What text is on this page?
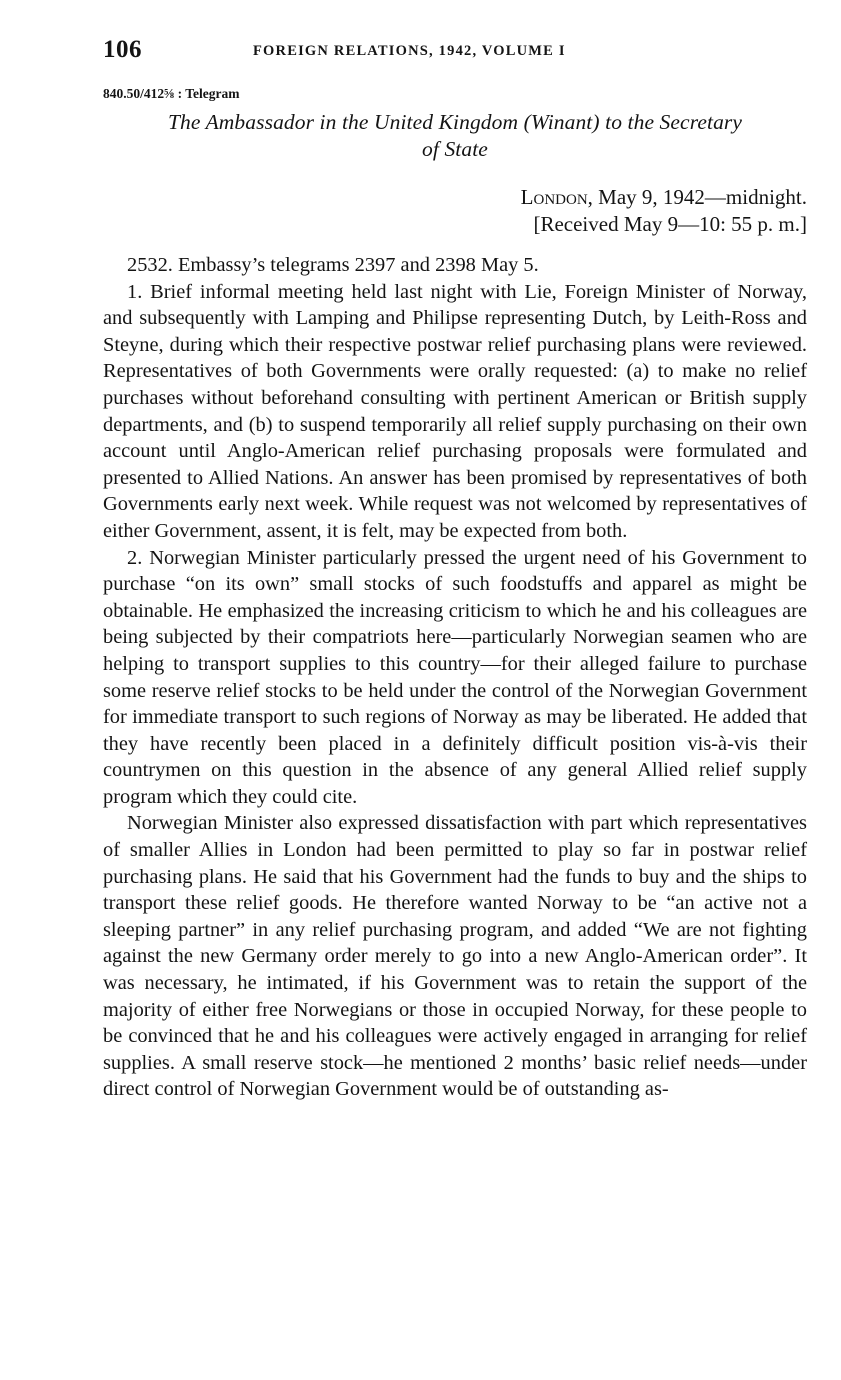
106	FOREIGN RELATIONS, 1942, VOLUME I
840.50/412⅝ : Telegram
The Ambassador in the United Kingdom (Winant) to the Secretary
of State
London, May 9, 1942—midnight.
[Received May 9—10: 55 p. m.]

2532. Embassy’s telegrams 2397 and 2398 May 5.

1. Brief informal meeting held last night with Lie, Foreign Minister of Norway, and subsequently with Lamping and Philipse representing Dutch, by Leith-Ross and Steyne, during which their respective postwar relief purchasing plans were reviewed. Representatives of both Governments were orally requested: (a) to make no relief purchases without beforehand consulting with pertinent American or British supply departments, and (b) to suspend temporarily all relief supply purchasing on their own account until Anglo-American relief purchasing proposals were formulated and presented to Allied Nations. An answer has been promised by representatives of both Governments early next week. While request was not welcomed by representatives of either Government, assent, it is felt, may be expected from both.

2. Norwegian Minister particularly pressed the urgent need of his Government to purchase “on its own” small stocks of such foodstuffs and apparel as might be obtainable. He emphasized the increasing criticism to which he and his colleagues are being subjected by their compatriots here—particularly Norwegian seamen who are helping to transport supplies to this country—for their alleged failure to purchase some reserve relief stocks to be held under the control of the Norwegian Government for immediate transport to such regions of Norway as may be liberated. He added that they have recently been placed in a definitely difficult position vis-à-vis their countrymen on this question in the absence of any general Allied relief supply program which they could cite.

Norwegian Minister also expressed dissatisfaction with part which representatives of smaller Allies in London had been permitted to play so far in postwar relief purchasing plans. He said that his Government had the funds to buy and the ships to transport these relief goods. He therefore wanted Norway to be “an active not a sleeping partner” in any relief purchasing program, and added “We are not fighting against the new Germany order merely to go into a new Anglo-American order”. It was necessary, he intimated, if his Government was to retain the support of the majority of either free Norwegians or those in occupied Norway, for these people to be convinced that he and his colleagues were actively engaged in arranging for relief supplies. A small reserve stock—he mentioned 2 months’ basic relief needs—under direct control of Norwegian Government would be of outstanding as-
